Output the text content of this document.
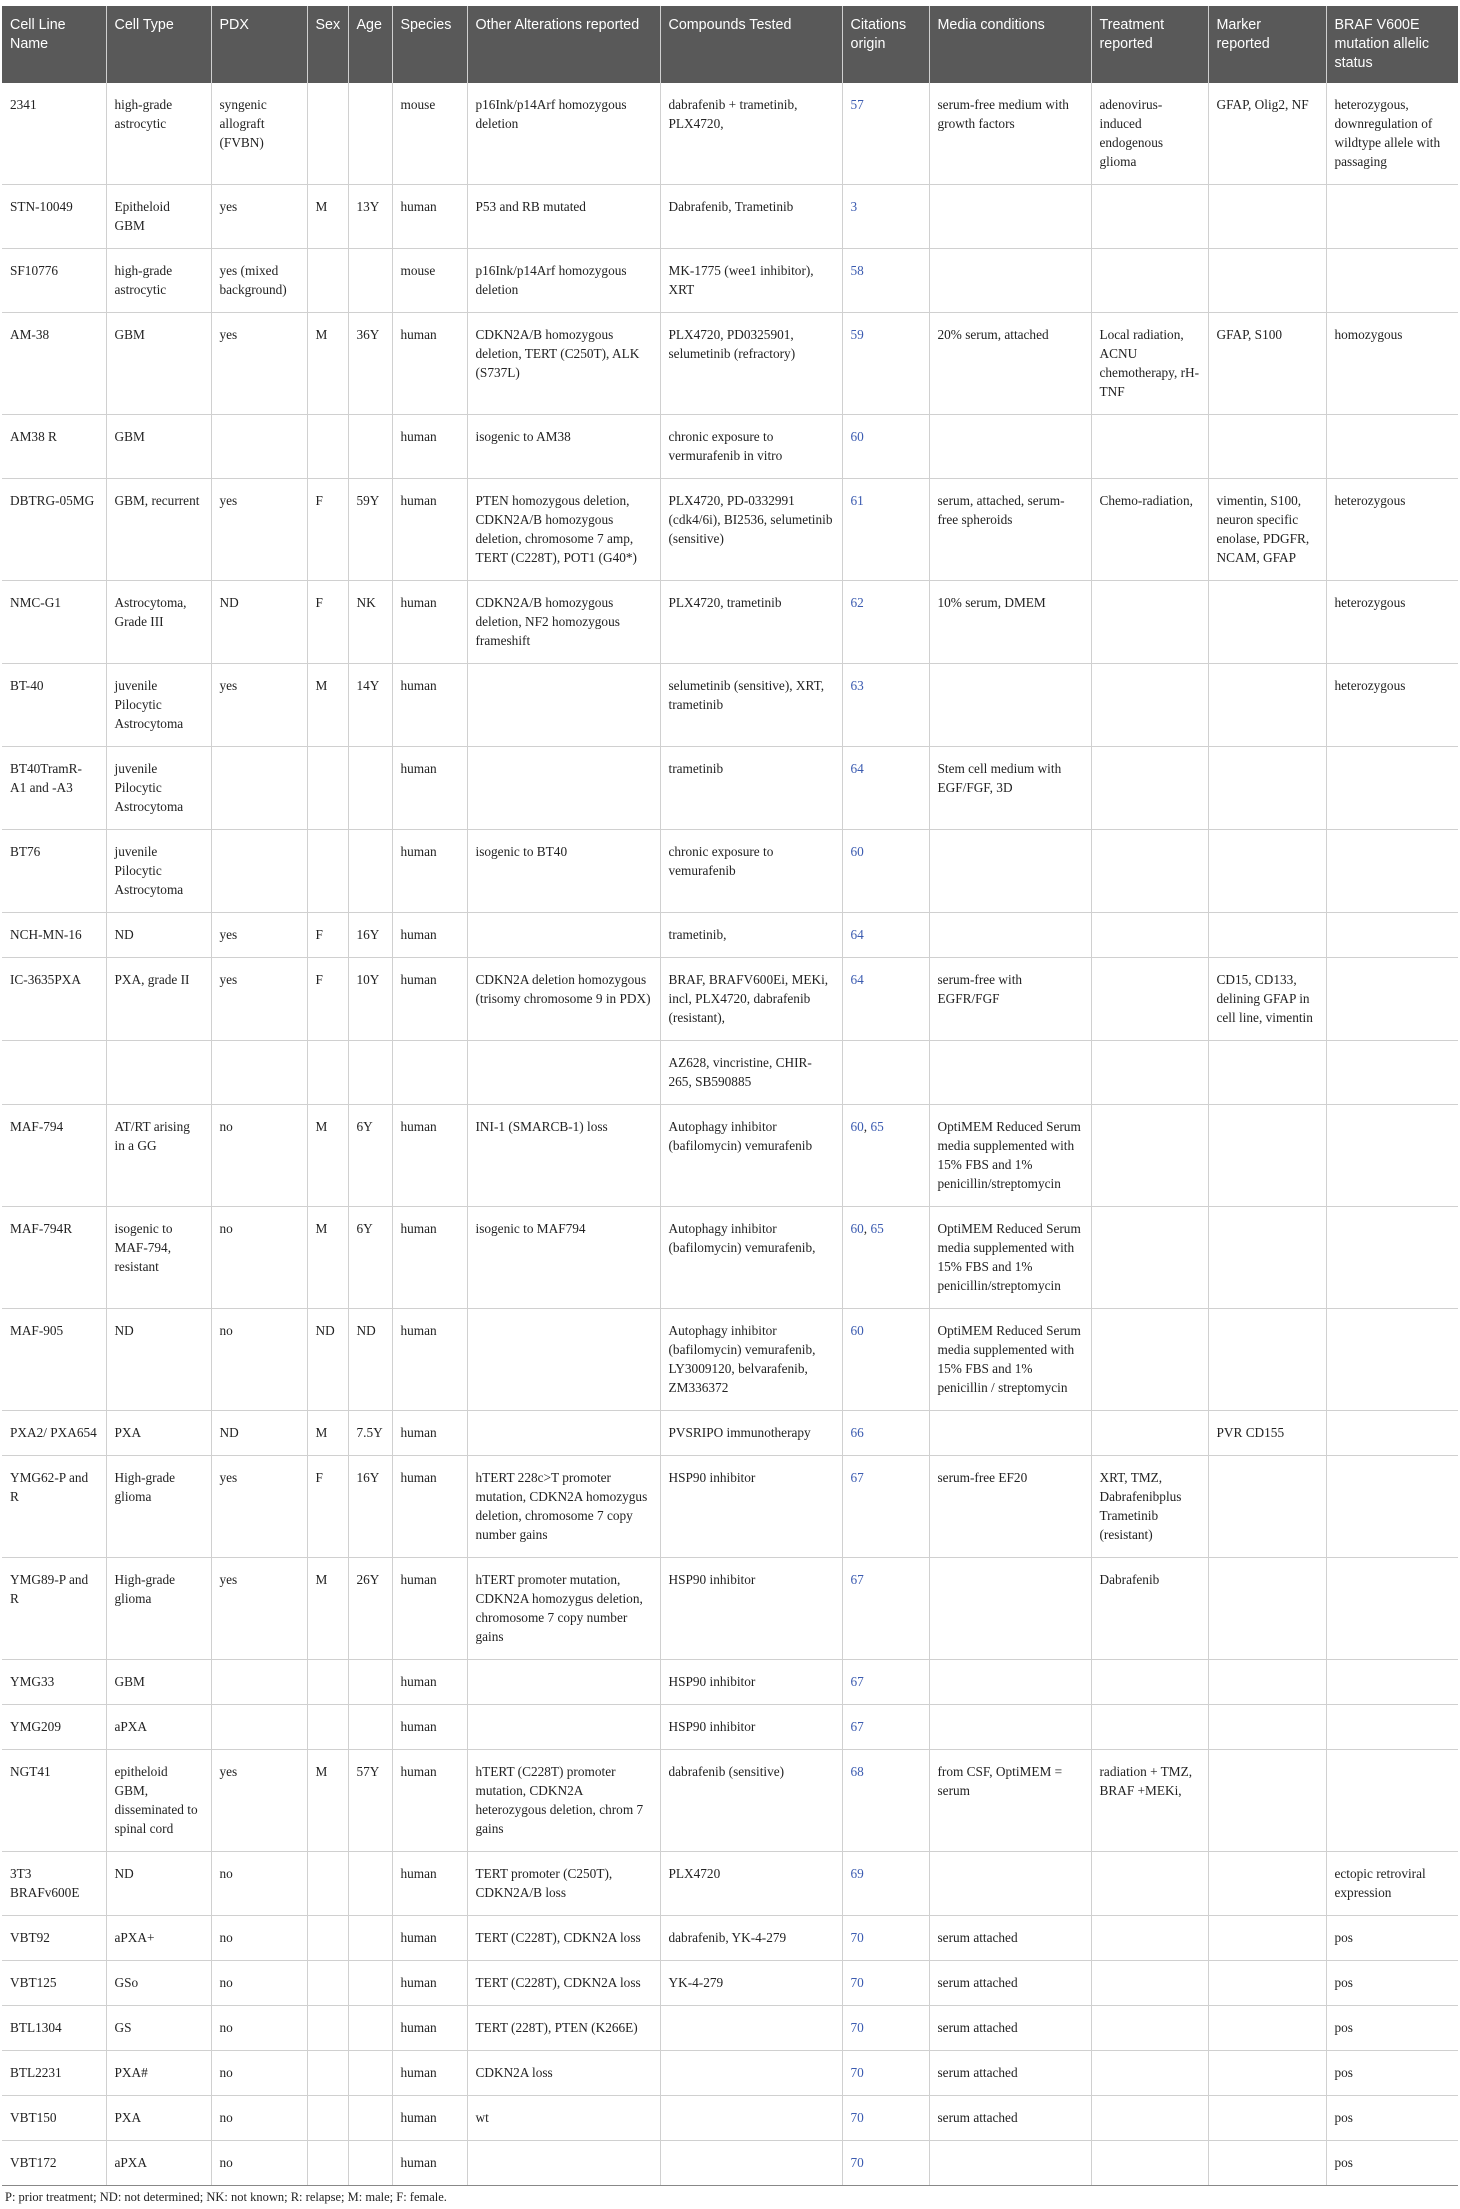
Cell Line Name	Cell Type	PDX	Sex	Age	Species	Other Alterations reported	Compounds Tested	Citations origin	Media conditions	Treatment reported	Marker reported	BRAF V600E mutation allelic status
2341	high-grade astrocytic	syngenic allograft (FVBN)			mouse	p16Ink/p14Arf homozygous deletion	dabrafenib + trametinib, PLX4720,	57	serum-free medium with growth factors	adenovirus-induced endogenous glioma	GFAP, Olig2, NF	heterozygous, downregulation of wildtype allele with passaging
STN-10049	Epitheloid GBM	yes	M	13Y	human	P53 and RB mutated	Dabrafenib, Trametinib	3				
SF10776	high-grade astrocytic	yes (mixed background)			mouse	p16Ink/p14Arf homozygous deletion	MK-1775 (wee1 inhibitor), XRT	58				
AM-38	GBM	yes	M	36Y	human	CDKN2A/B homozygous deletion, TERT (C250T), ALK (S737L)	PLX4720, PD0325901, selumetinib (refractory)	59	20% serum, attached	Local radiation, ACNU chemotherapy, rH-TNF	GFAP, S100	homozygous
AM38 R	GBM				human	isogenic to AM38	chronic exposure to vermurafenib in vitro	60				
DBTRG-05MG	GBM, recurrent	yes	F	59Y	human	PTEN homozygous deletion, CDKN2A/B homozygous deletion, chromosome 7 amp, TERT (C228T), POT1 (G40*)	PLX4720, PD-0332991 (cdk4/6i), BI2536, selumetinib (sensitive)	61	serum, attached, serum-free spheroids	Chemo-radiation,	vimentin, S100, neuron specific enolase, PDGFR, NCAM, GFAP	heterozygous
NMC-G1	Astrocytoma, Grade III	ND	F	NK	human	CDKN2A/B homozygous deletion, NF2 homozygous frameshift	PLX4720, trametinib	62	10% serum, DMEM			heterozygous
BT-40	juvenile Pilocytic Astrocytoma	yes	M	14Y	human		selumetinib (sensitive), XRT, trametinib	63				heterozygous
BT40TramR-A1 and -A3	juvenile Pilocytic Astrocytoma				human		trametinib	64	Stem cell medium with EGF/FGF, 3D			
BT76	juvenile Pilocytic Astrocytoma				human	isogenic to BT40	chronic exposure to vemurafenib	60				
NCH-MN-16	ND	yes	F	16Y	human		trametinib,	64				
IC-3635PXA	PXA, grade II	yes	F	10Y	human	CDKN2A deletion homozygous (trisomy chromosome 9 in PDX)	BRAF, BRAFV600Ei, MEKi, incl, PLX4720, dabrafenib (resistant),	64	serum-free with EGFR/FGF		CD15, CD133, delining GFAP in cell line, vimentin	
							AZ628, vincristine, CHIR-265, SB590885					
MAF-794	AT/RT arising in a GG	no	M	6Y	human	INI-1 (SMARCB-1) loss	Autophagy inhibitor (bafilomycin) vemurafenib	60, 65	OptiMEM Reduced Serum media supplemented with 15% FBS and 1% penicillin/streptomycin			
MAF-794R	isogenic to MAF-794, resistant	no	M	6Y	human	isogenic to MAF794	Autophagy inhibitor (bafilomycin) vemurafenib,	60, 65	OptiMEM Reduced Serum media supplemented with 15% FBS and 1% penicillin/streptomycin			
MAF-905	ND	no	ND	ND	human		Autophagy inhibitor (bafilomycin) vemurafenib, LY3009120, belvarafenib, ZM336372	60	OptiMEM Reduced Serum media supplemented with 15% FBS and 1% penicillin / streptomycin			
PXA2/ PXA654	PXA	ND	M	7.5Y	human		PVSRIPO immunotherapy	66			PVR CD155	
YMG62-P and R	High-grade glioma	yes	F	16Y	human	hTERT 228c>T promoter mutation, CDKN2A homozygus deletion, chromosome 7 copy number gains	HSP90 inhibitor	67	serum-free EF20	XRT, TMZ, Dabrafenibplus Trametinib (resistant)		
YMG89-P and R	High-grade glioma	yes	M	26Y	human	hTERT promoter mutation, CDKN2A homozygus deletion, chromosome 7 copy number gains	HSP90 inhibitor	67		Dabrafenib		
YMG33	GBM				human		HSP90 inhibitor	67				
YMG209	aPXA				human		HSP90 inhibitor	67				
NGT41	epitheloid GBM, disseminated to spinal cord	yes	M	57Y	human	hTERT (C228T) promoter mutation, CDKN2A heterozygous deletion, chrom 7 gains	dabrafenib (sensitive)	68	from CSF, OptiMEM = serum	radiation + TMZ, BRAF +MEKi,		
3T3 BRAFv600E	ND	no			human	TERT promoter (C250T), CDKN2A/B loss	PLX4720	69				ectopic retroviral expression
VBT92	aPXA+	no			human	TERT (C228T), CDKN2A loss	dabrafenib, YK-4-279	70	serum attached			pos
VBT125	GSo	no			human	TERT (C228T), CDKN2A loss	YK-4-279	70	serum attached			pos
BTL1304	GS	no			human	TERT (228T), PTEN (K266E)		70	serum attached			pos
BTL2231	PXA#	no			human	CDKN2A loss		70	serum attached			pos
VBT150	PXA	no			human	wt		70	serum attached			pos
VBT172	aPXA	no			human			70				pos
P: prior treatment; ND: not determined; NK: not known; R: relapse; M: male; F: female.
